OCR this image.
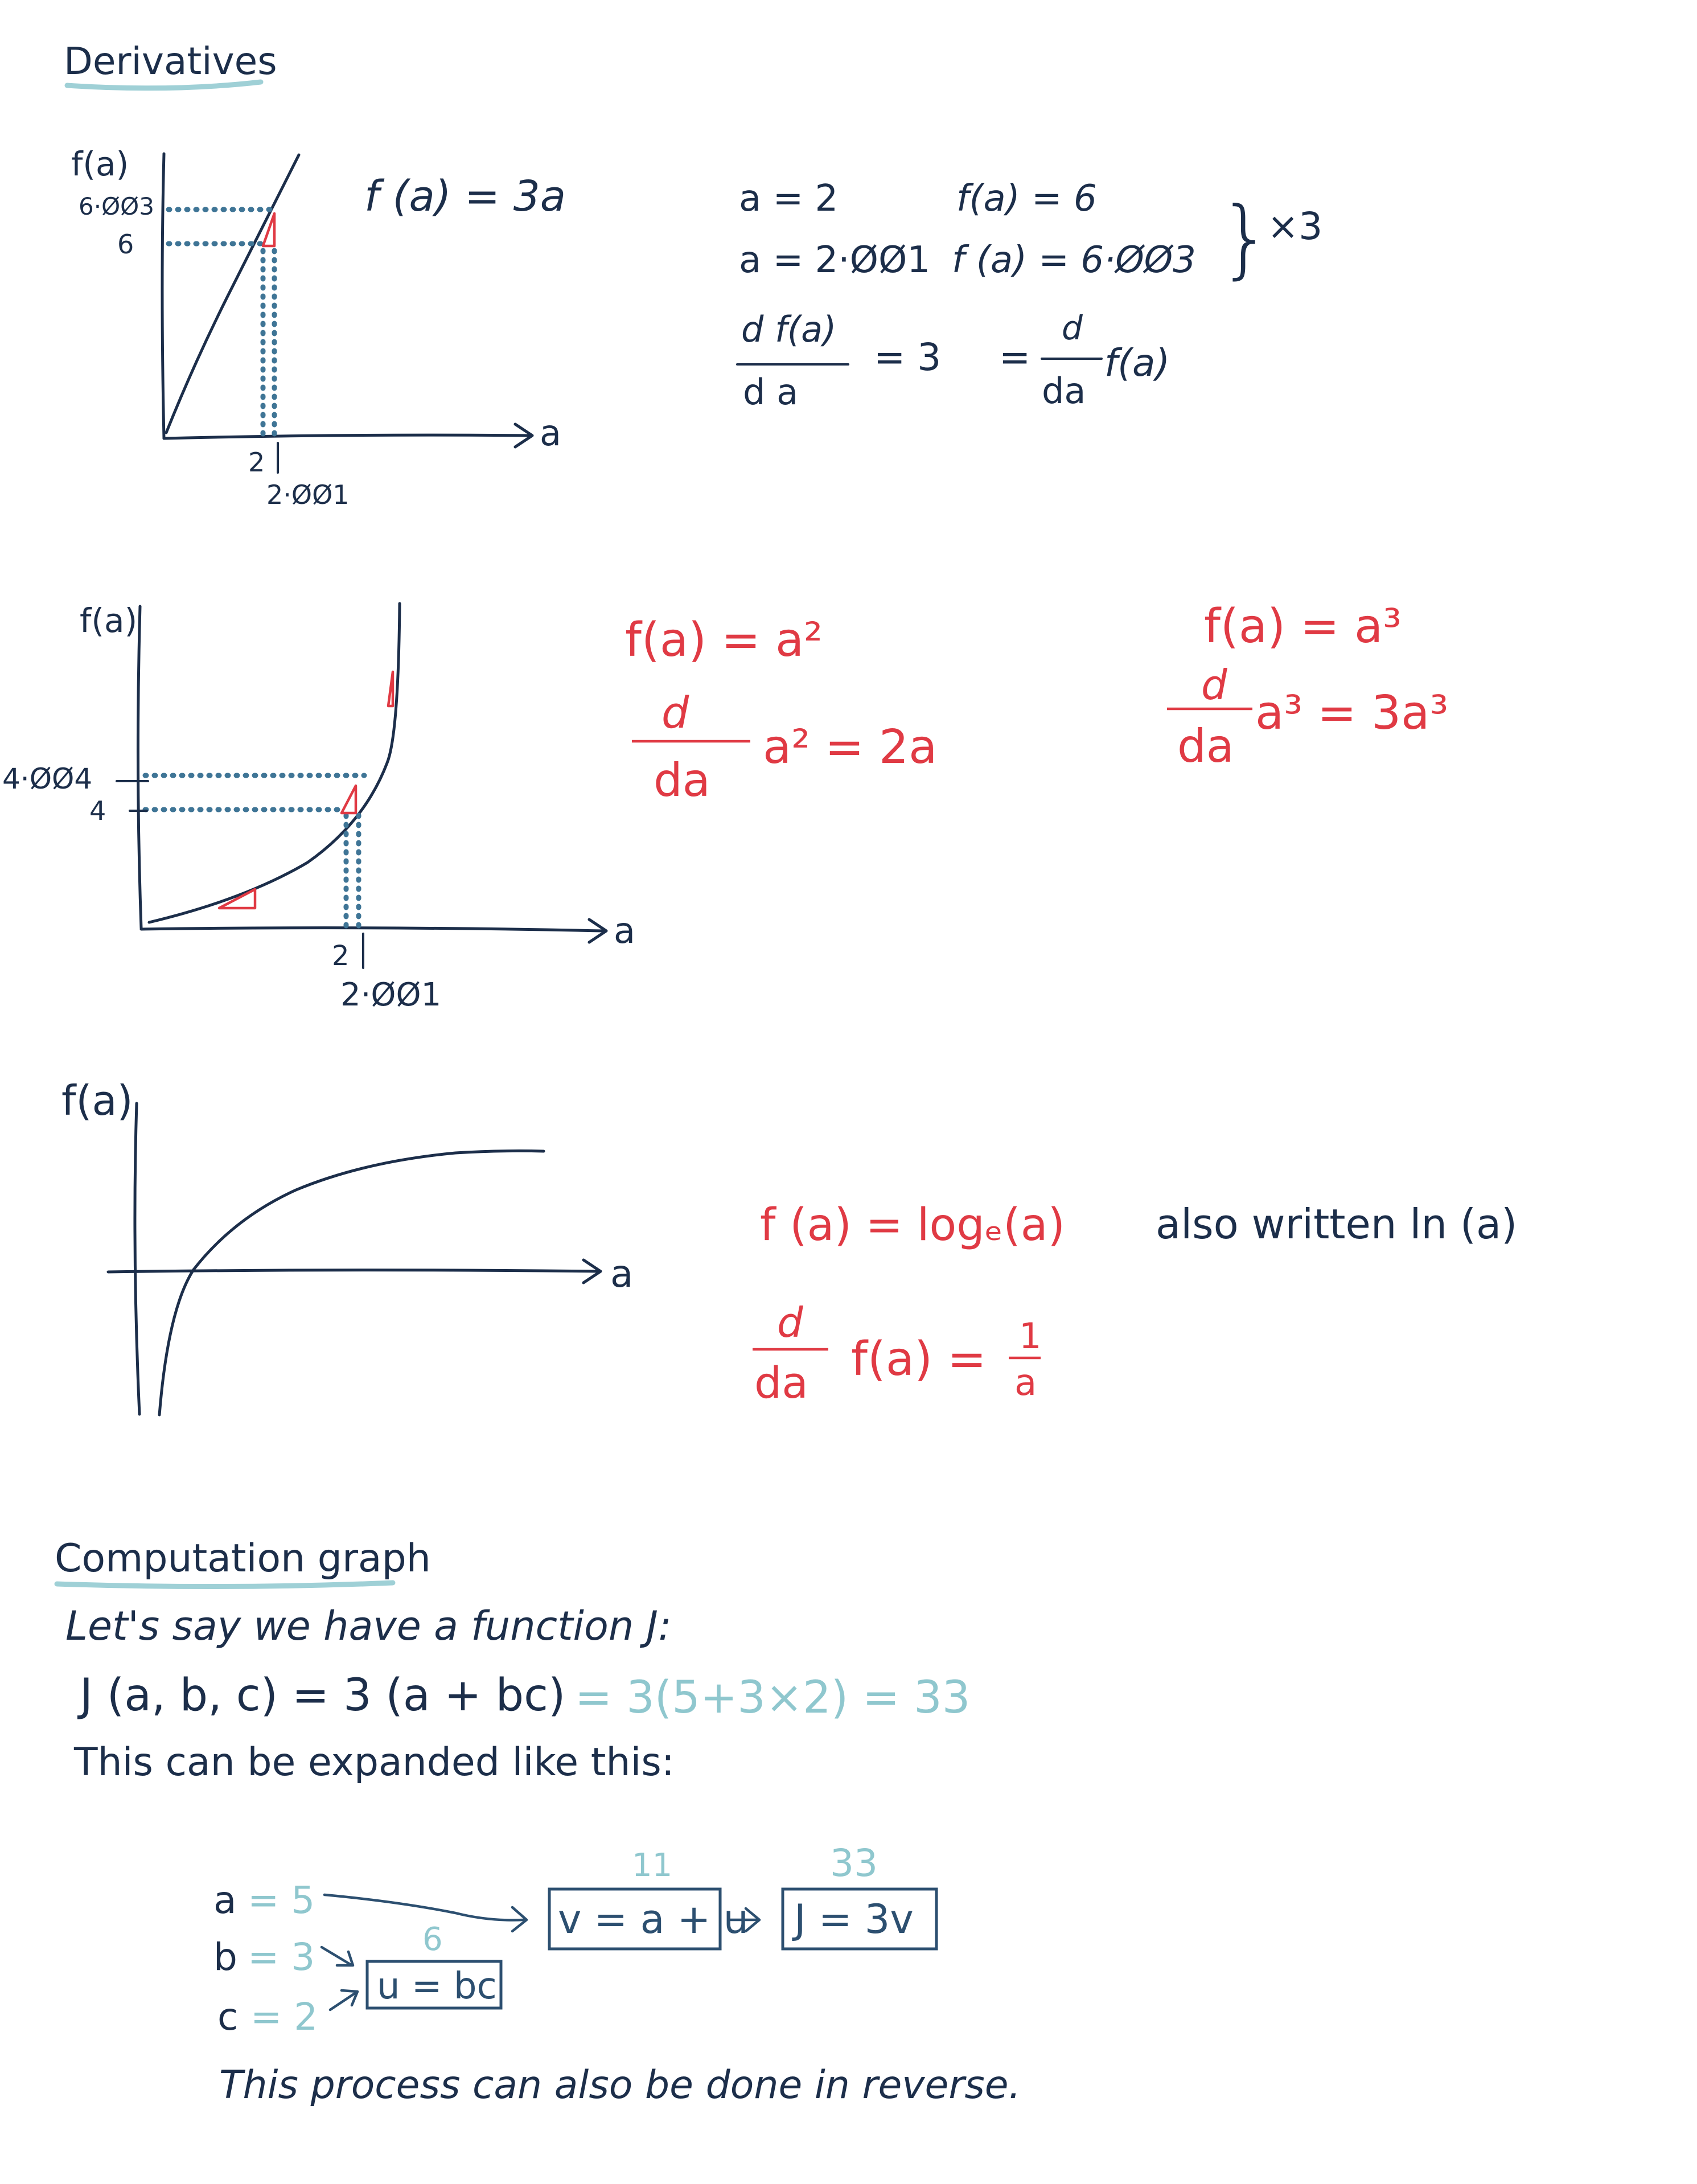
Derivatives
f(a)
6·ØØ3
6
a
2
2·ØØ1
f (a) = 3a	a = 2	f(a) = 6
a = 2·ØØ1 f (a) = 6·ØØ3 }
×3
d f(a)
d a
= 3 =
d
da
f(a)
f(a)
4·ØØ4
4
a
2
2·ØØ1
f(a) = a²
d
da
a² = 2a
f(a) = a³
d
da
a³ = 3a³
f(a)
a
f (a) = logₑ(a) also written ln (a)
d
da f(a) = 1
a
Computation graph
Let's say we have a function J:
J (a, b, c) = 3 (a + bc) = 3(5+3×2) = 33
This can be expanded like this:
a = 5
b = 3
c = 2
6
u = bc
11
v = a + u
33
J = 3v
This process can also be done in reverse.
